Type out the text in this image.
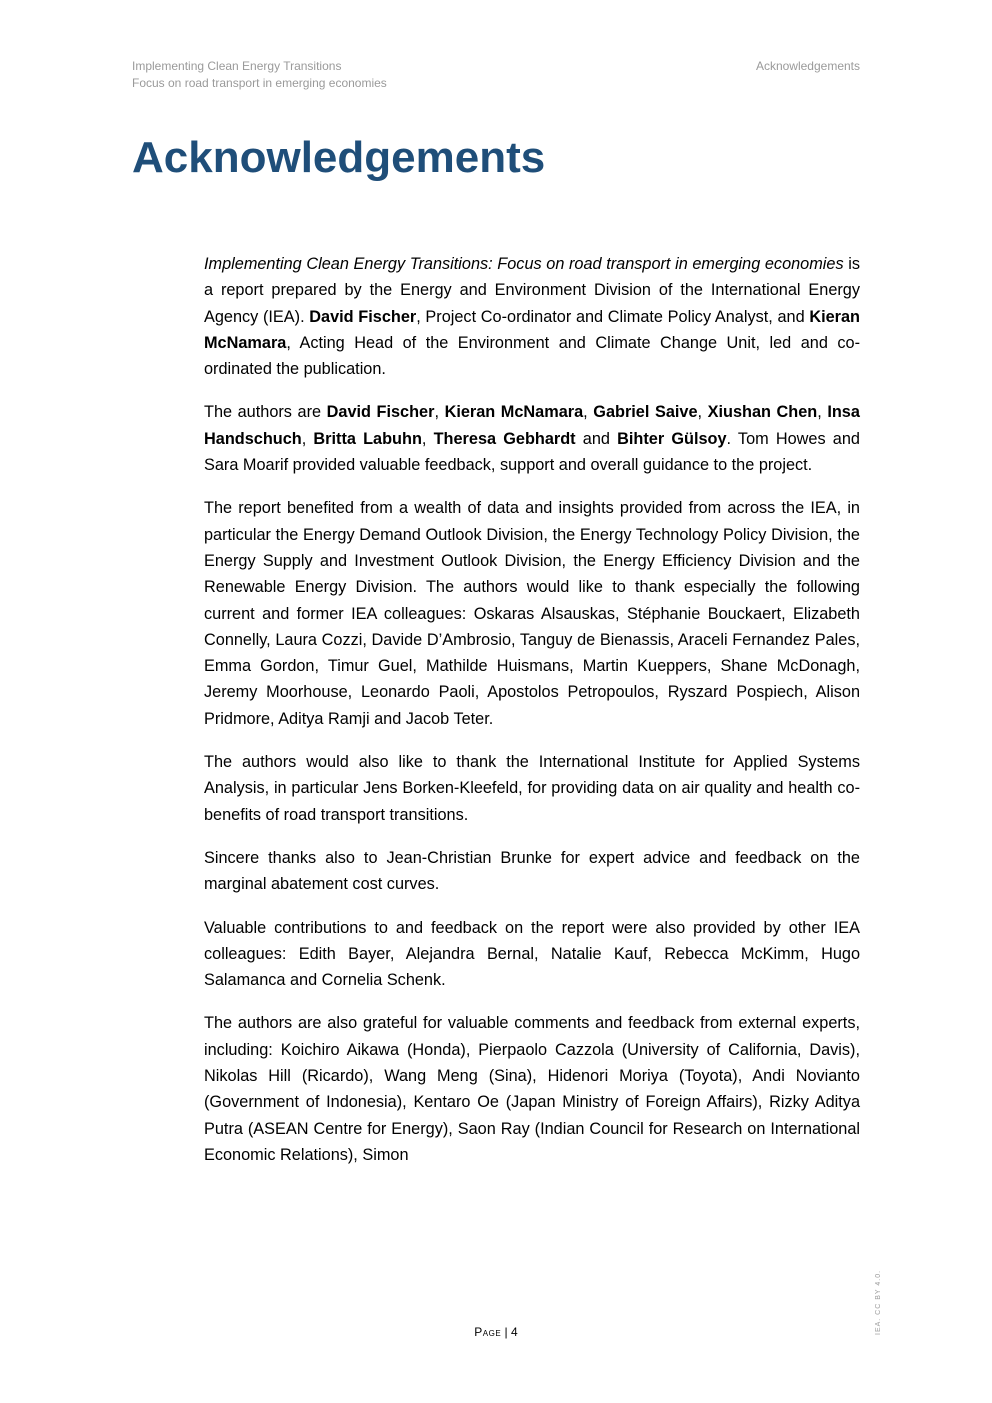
Implementing Clean Energy Transitions
Focus on road transport in emerging economies
Acknowledgements
Acknowledgements

Implementing Clean Energy Transitions: Focus on road transport in emerging economies is a report prepared by the Energy and Environment Division of the International Energy Agency (IEA). David Fischer, Project Co-ordinator and Climate Policy Analyst, and Kieran McNamara, Acting Head of the Environment and Climate Change Unit, led and co-ordinated the publication.

The authors are David Fischer, Kieran McNamara, Gabriel Saive, Xiushan Chen, Insa Handschuch, Britta Labuhn, Theresa Gebhardt and Bihter Gülsoy. Tom Howes and Sara Moarif provided valuable feedback, support and overall guidance to the project.

The report benefited from a wealth of data and insights provided from across the IEA, in particular the Energy Demand Outlook Division, the Energy Technology Policy Division, the Energy Supply and Investment Outlook Division, the Energy Efficiency Division and the Renewable Energy Division. The authors would like to thank especially the following current and former IEA colleagues: Oskaras Alsauskas, Stéphanie Bouckaert, Elizabeth Connelly, Laura Cozzi, Davide D’Ambrosio, Tanguy de Bienassis, Araceli Fernandez Pales, Emma Gordon, Timur Guel, Mathilde Huismans, Martin Kueppers, Shane McDonagh, Jeremy Moorhouse, Leonardo Paoli, Apostolos Petropoulos, Ryszard Pospiech, Alison Pridmore, Aditya Ramji and Jacob Teter.

The authors would also like to thank the International Institute for Applied Systems Analysis, in particular Jens Borken-Kleefeld, for providing data on air quality and health co-benefits of road transport transitions.

Sincere thanks also to Jean-Christian Brunke for expert advice and feedback on the marginal abatement cost curves.

Valuable contributions to and feedback on the report were also provided by other IEA colleagues: Edith Bayer, Alejandra Bernal, Natalie Kauf, Rebecca McKimm, Hugo Salamanca and Cornelia Schenk.

The authors are also grateful for valuable comments and feedback from external experts, including: Koichiro Aikawa (Honda), Pierpaolo Cazzola (University of California, Davis), Nikolas Hill (Ricardo), Wang Meng (Sina), Hidenori Moriya (Toyota), Andi Novianto (Government of Indonesia), Kentaro Oe (Japan Ministry of Foreign Affairs), Rizky Aditya Putra (ASEAN Centre for Energy), Saon Ray (Indian Council for Research on International Economic Relations), Simon

Page | 4	IEA. CC BY 4.0.
